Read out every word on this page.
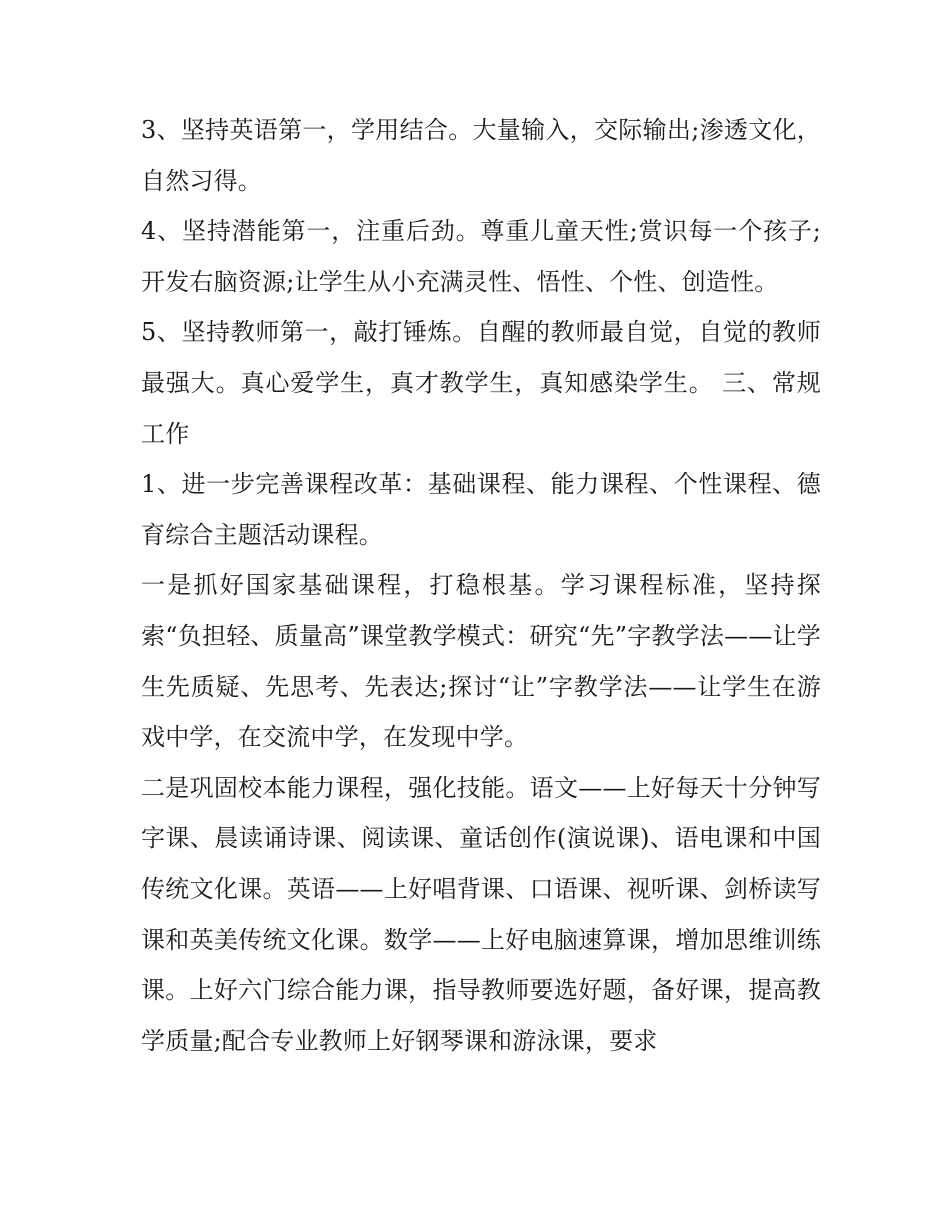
3、坚持英语第一，学用结合。大量输入，交际输出;渗透文化，自然习得。

4、坚持潜能第一，注重后劲。尊重儿童天性;赏识每一个孩子;开发右脑资源;让学生从小充满灵性、悟性、个性、创造性。

5、坚持教师第一，敲打锤炼。自醒的教师最自觉，自觉的教师最强大。真心爱学生，真才教学生，真知感染学生。 三、常规工作

1、进一步完善课程改革：基础课程、能力课程、个性课程、德育综合主题活动课程。

一是抓好国家基础课程，打稳根基。学习课程标准，坚持探索“负担轻、质量高”课堂教学模式：研究“先”字教学法——让学生先质疑、先思考、先表达;探讨“让”字教学法——让学生在游戏中学，在交流中学，在发现中学。

二是巩固校本能力课程，强化技能。语文——上好每天十分钟写字课、晨读诵诗课、阅读课、童话创作(演说课)、语电课和中国传统文化课。英语——上好唱背课、口语课、视听课、剑桥读写课和英美传统文化课。数学——上好电脑速算课，增加思维训练课。上好六门综合能力课，指导教师要选好题，备好课，提高教学质量;配合专业教师上好钢琴课和游泳课，要求
